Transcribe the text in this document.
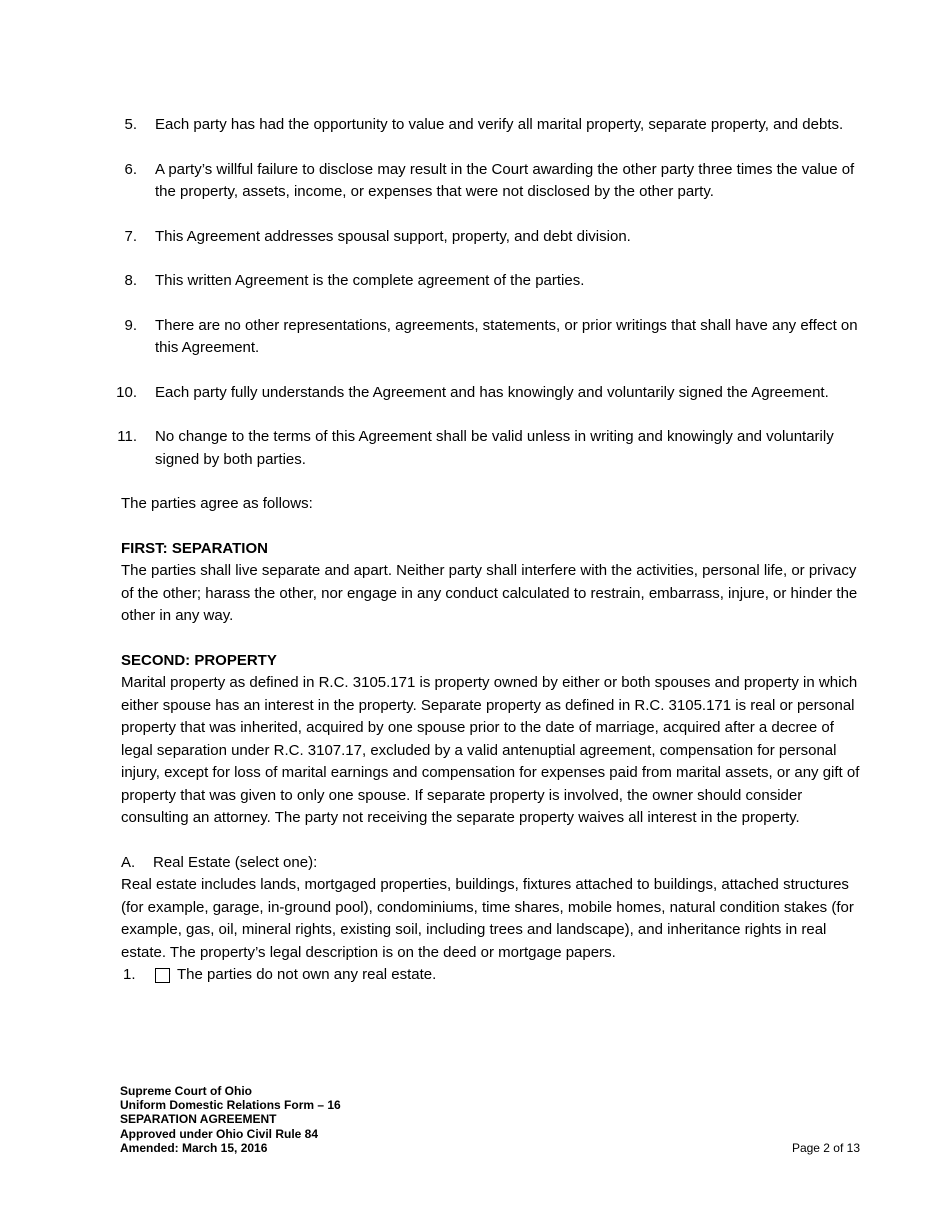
5. Each party has had the opportunity to value and verify all marital property, separate property, and debts.
6. A party’s willful failure to disclose may result in the Court awarding the other party three times the value of the property, assets, income, or expenses that were not disclosed by the other party.
7. This Agreement addresses spousal support, property, and debt division.
8. This written Agreement is the complete agreement of the parties.
9. There are no other representations, agreements, statements, or prior writings that shall have any effect on this Agreement.
10. Each party fully understands the Agreement and has knowingly and voluntarily signed the Agreement.
11. No change to the terms of this Agreement shall be valid unless in writing and knowingly and voluntarily signed by both parties.

The parties agree as follows:

FIRST: SEPARATION

The parties shall live separate and apart. Neither party shall interfere with the activities, personal life, or privacy of the other; harass the other, nor engage in any conduct calculated to restrain, embarrass, injure, or hinder the other in any way.

SECOND: PROPERTY

Marital property as defined in R.C. 3105.171 is property owned by either or both spouses and property in which either spouse has an interest in the property. Separate property as defined in R.C. 3105.171 is real or personal property that was inherited, acquired by one spouse prior to the date of marriage, acquired after a decree of legal separation under R.C. 3107.17, excluded by a valid antenuptial agreement, compensation for personal injury, except for loss of marital earnings and compensation for expenses paid from marital assets, or any gift of property that was given to only one spouse. If separate property is involved, the owner should consider consulting an attorney. The party not receiving the separate property waives all interest in the property.

A.	Real Estate (select one):

Real estate includes lands, mortgaged properties, buildings, fixtures attached to buildings, attached structures (for example, garage, in-ground pool), condominiums, time shares, mobile homes, natural condition stakes (for example, gas, oil, mineral rights, existing soil, including trees and landscape), and inheritance rights in real estate. The property’s legal description is on the deed or mortgage papers.

1.	The parties do not own any real estate.
Supreme Court of Ohio
Uniform Domestic Relations Form – 16
SEPARATION AGREEMENT
Approved under Ohio Civil Rule 84
Amended: March 15, 2016	Page 2 of 13
